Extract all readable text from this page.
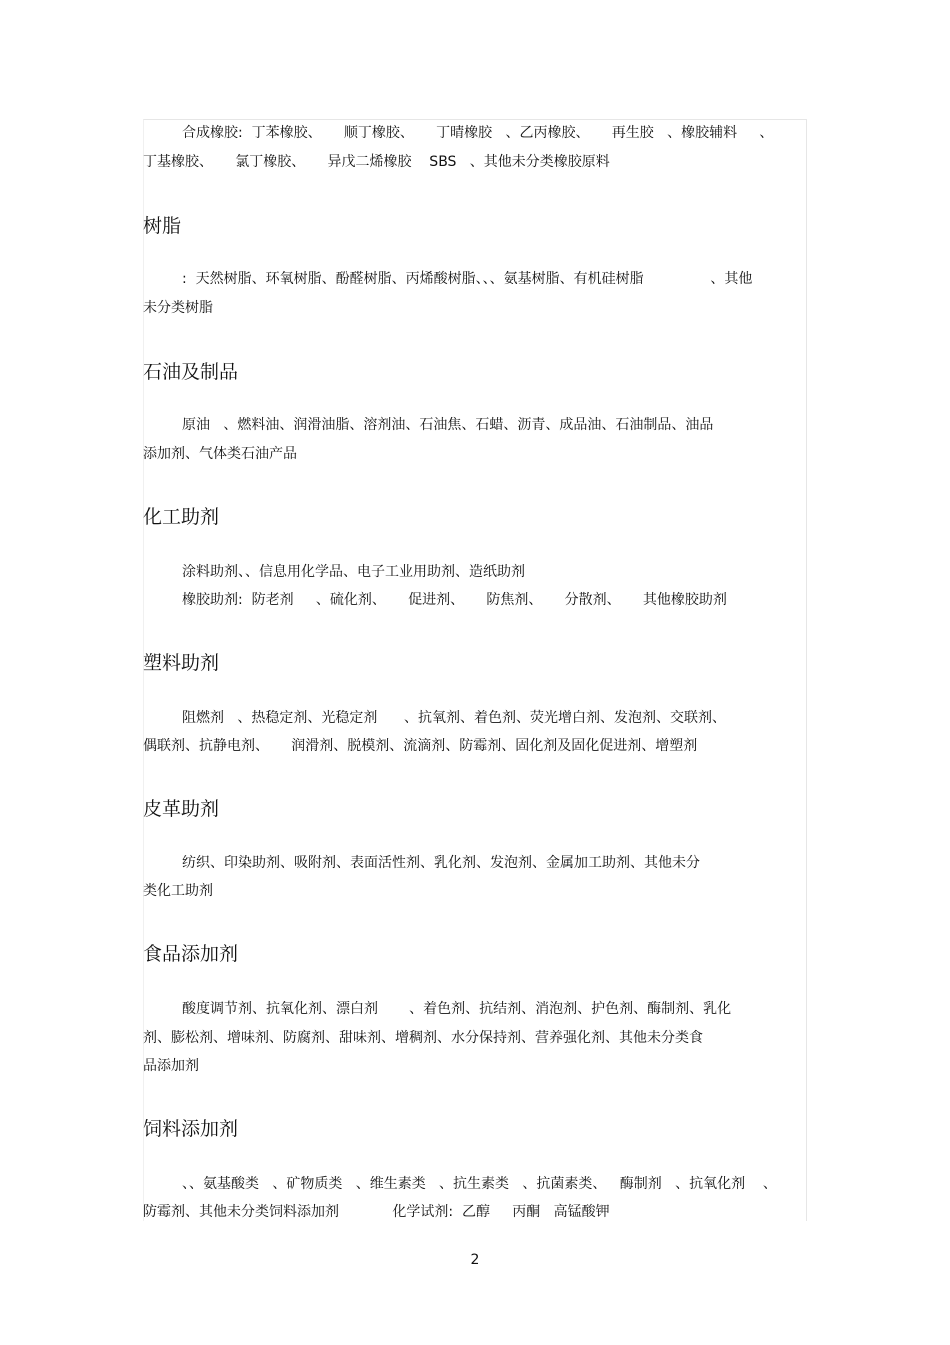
合成橡胶:  丁苯橡胶、     顺丁橡胶、     丁晴橡胶   、乙丙橡胶、     再生胶   、橡胶辅料     、
丁基橡胶、     氯丁橡胶、     异戊二烯橡胶    SBS   、其他未分类橡胶原料
树脂
:  天然树脂、环氧树脂、酚醛树脂、丙烯酸树脂、、、氨基树脂、有机硅树脂               、其他
未分类树脂
石油及制品
原油   、燃料油、润滑油脂、溶剂油、石油焦、石蜡、沥青、成品油、石油制品、油品
添加剂、气体类石油产品
化工助剂
涂料助剂、、信息用化学品、电子工业用助剂、造纸助剂
橡胶助剂:  防老剂     、硫化剂、     促进剂、     防焦剂、     分散剂、     其他橡胶助剂
塑料助剂
阻燃剂   、热稳定剂、光稳定剂      、抗氧剂、着色剂、荧光增白剂、发泡剂、交联剂、
偶联剂、抗静电剂、     润滑剂、脱模剂、流滴剂、防霉剂、固化剂及固化促进剂、增塑剂
皮革助剂
纺织、印染助剂、吸附剂、表面活性剂、乳化剂、发泡剂、金属加工助剂、其他未分
类化工助剂
食品添加剂
酸度调节剂、抗氧化剂、漂白剂       、着色剂、抗结剂、消泡剂、护色剂、酶制剂、乳化
剂、膨松剂、增味剂、防腐剂、甜味剂、增稠剂、水分保持剂、营养强化剂、其他未分类食
品添加剂
饲料添加剂
、、氨基酸类   、矿物质类   、维生素类   、抗生素类   、抗菌素类、   酶制剂   、抗氧化剂    、
防霉剂、其他未分类饲料添加剂            化学试剂:  乙醇     丙酮   高锰酸钾
2
